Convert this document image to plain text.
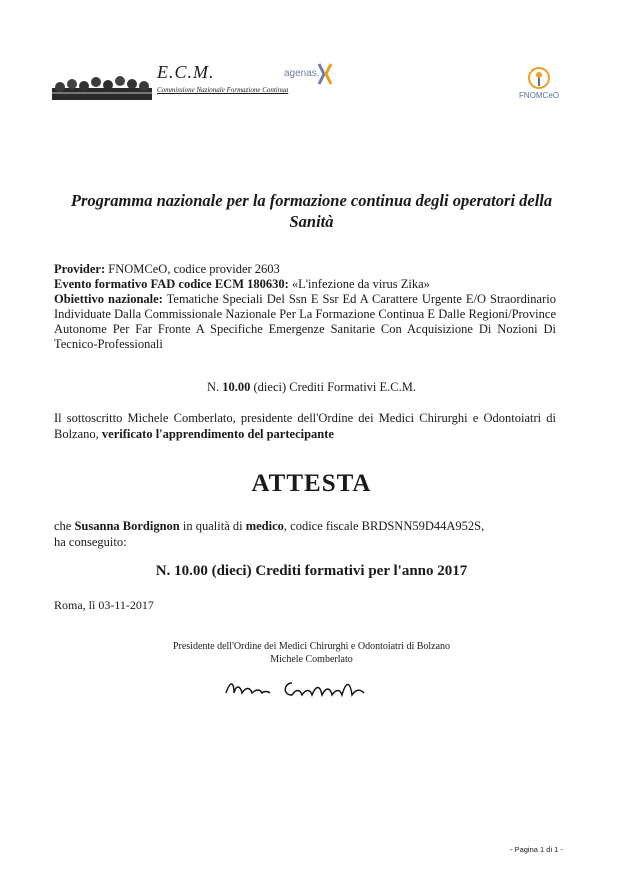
E.C.M.
Commissione Nazionale Formazione Continua
agenas.
FNOMCeO
Programma nazionale per la formazione continua degli operatori della Sanità
Provider: FNOMCeO, codice provider 2603
Evento formativo FAD codice ECM 180630: «L'infezione da virus Zika»
Obiettivo nazionale: Tematiche Speciali Del Ssn E Ssr Ed A Carattere Urgente E/O Straordinario Individuate Dalla Commissionale Nazionale Per La Formazione Continua E Dalle Regioni/Province Autonome Per Far Fronte A Specifiche Emergenze Sanitarie Con Acquisizione Di Nozioni Di Tecnico-Professionali
N. 10.00 (dieci) Crediti Formativi E.C.M.
Il sottoscritto Michele Comberlato, presidente dell'Ordine dei Medici Chirurghi e Odontoiatri di Bolzano, verificato l'apprendimento del partecipante
ATTESTA
che Susanna Bordignon in qualità di medico, codice fiscale BRDSNN59D44A952S,
ha conseguito:
N. 10.00 (dieci) Crediti formativi per l'anno 2017
Roma, lì 03-11-2017
Presidente dell'Ordine dei Medici Chirurghi e Odontoiatri di Bolzano
Michele Comberlato
- Pagina 1 di 1 -
